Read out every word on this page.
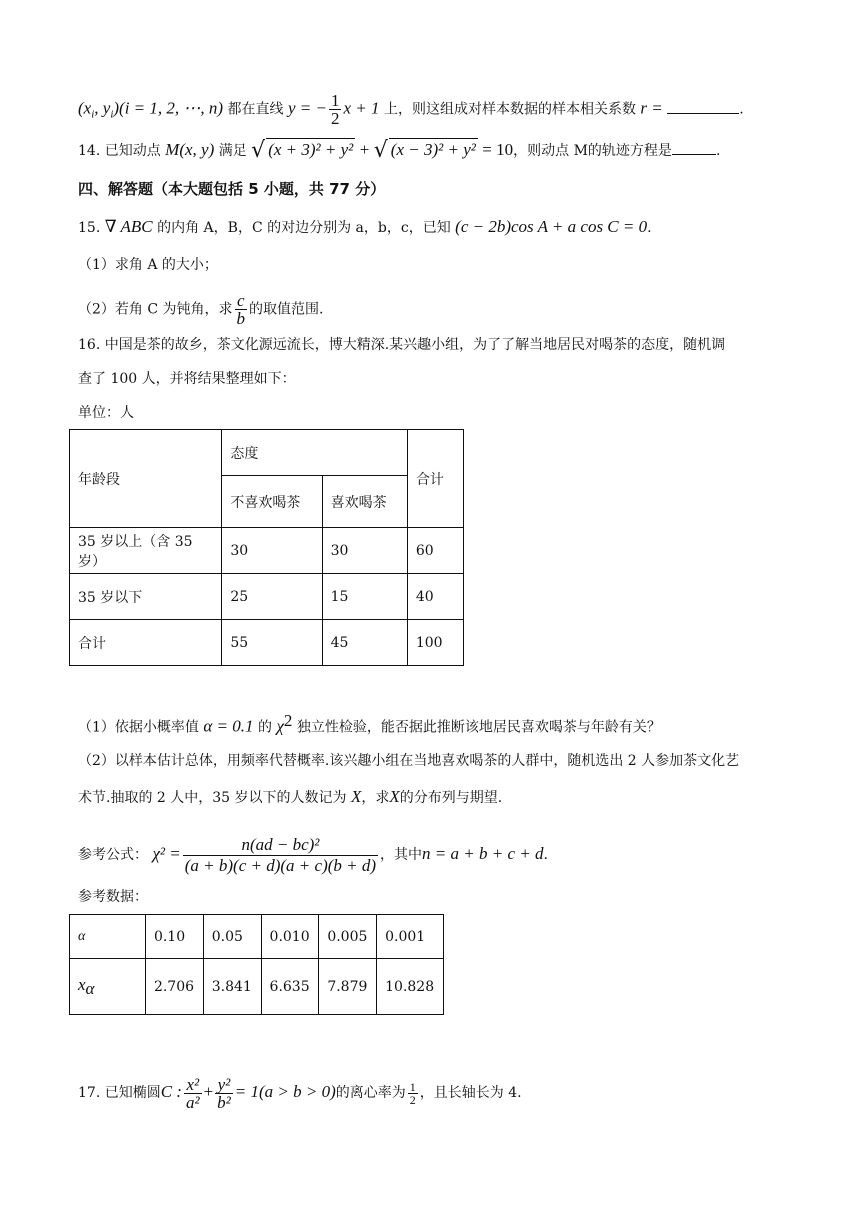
($x_i$, $y_i)(i = 1$, 2, ⋯, n) 都在直线 y = − $\frac{1}{2}$ x + 1 上，则这组成对样本数据的样本相关系数 r =	.
14. 已知动点 M(x, y) 满足 √ (x + 3)² + y² + √ (x − 3)² + y² = 10，则动点 M的轨迹方程是	.
四、解答题（本大题包括 5 小题，共 77 分）
15. ∇ ABC 的内角 A，B，C 的对边分别为 a，b，c，已知 (c − 2b)cos A + a cos C = 0.
（1）求角 A 的大小；
（2）若角 C 为钝角，求 $\frac{c}{b}$ 的取值范围.
16. 中国是茶的故乡，茶文化源远流长，博大精深.某兴趣小组，为了了解当地居民对喝茶的态度，随机调
查了 100 人，并将结果整理如下：
单位：人
年龄段	态度		合计
	不喜欢喝茶	喜欢喝茶	
35 岁以上（含 35 岁）	30	30	60
35 岁以下	25	15	40
合计	55	45	100
（1）依据小概率值 α = 0.1 的 $\chi^2$ 独立性检验，能否据此推断该地居民喜欢喝茶与年龄有关？
（2）以样本估计总体，用频率代替概率.该兴趣小组在当地喜欢喝茶的人群中，随机选出 2 人参加茶文化艺
术节.抽取的 2 人中，35 岁以下的人数记为 X，求X的分布列与期望.
参考公式： $\chi^2 = \frac{\text{n(ad − bc)²}}{(a + b)(c + d)(a + c)(b + d)}$ ，其中n = a + b + c + d.
参考数据：
α	0.10	0.05	0.010	0.005	0.001
$x_\alpha$	2.706	3.841	6.635	7.879	10.828
17. 已知椭圆C : $\frac{\text{x²}}{\text{a²}} + \frac{\text{y²}}{\text{b²}} = 1(a > b > 0)$的离心率为 $\frac{1}{2}$ ，且长轴长为 4.
